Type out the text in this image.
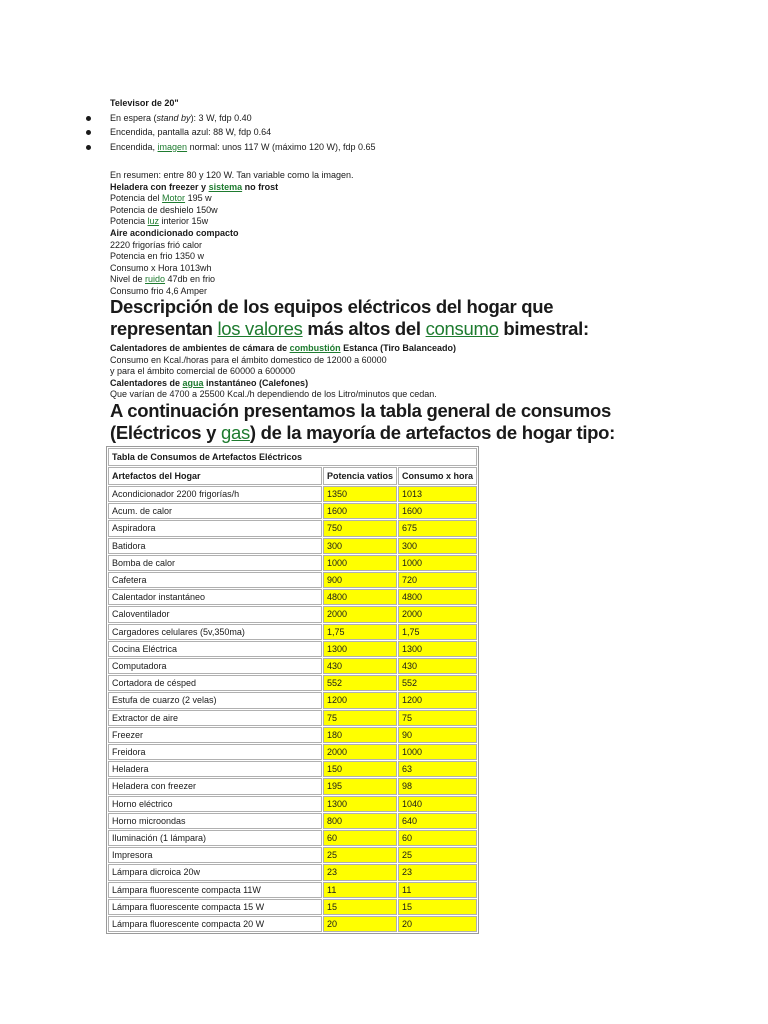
Televisor de 20"
En espera (stand by): 3 W, fdp 0.40
Encendida, pantalla azul: 88 W, fdp 0.64
Encendida, imagen normal: unos 117 W (máximo 120 W), fdp 0.65
En resumen: entre 80 y 120 W. Tan variable como la imagen.
Heladera con freezer y sistema no frost
Potencia del Motor 195 w
Potencia de deshielo 150w
Potencia luz interior 15w
Aire acondicionado compacto
2220 frigorías frió calor
Potencia en frio 1350 w
Consumo x Hora 1013wh
Nivel de ruido 47db en frio
Consumo frio 4,6 Amper
Descripción de los equipos eléctricos del hogar que
representan los valores más altos del consumo bimestral:
Calentadores de ambientes de cámara de combustión Estanca (Tiro Balanceado)
Consumo en Kcal./horas para el ámbito domestico de 12000 a 60000
y para el ámbito comercial de 60000 a 600000
Calentadores de agua instantáneo (Calefones)
Que varían de 4700 a 25500 Kcal./h dependiendo de los Litro/minutos que cedan.
A continuación presentamos la tabla general de consumos
(Eléctricos y gas) de la mayoría de artefactos de hogar tipo:
Tabla de Consumos de Artefactos Eléctricos		
Artefactos del Hogar	Potencia vatios	Consumo x hora
Acondicionador 2200 frigorías/h	1350	1013
Acum. de calor	1600	1600
Aspiradora	750	675
Batidora	300	300
Bomba de calor	1000	1000
Cafetera	900	720
Calentador instantáneo	4800	4800
Caloventilador	2000	2000
Cargadores celulares (5v,350ma)	1,75	1,75
Cocina Eléctrica	1300	1300
Computadora	430	430
Cortadora de césped	552	552
Estufa de cuarzo (2 velas)	1200	1200
Extractor de aire	75	75
Freezer	180	90
Freidora	2000	1000
Heladera	150	63
Heladera con freezer	195	98
Horno eléctrico	1300	1040
Horno microondas	800	640
Iluminación (1 lámpara)	60	60
Impresora	25	25
Lámpara dicroica 20w	23	23
Lámpara fluorescente compacta 11W	11	11
Lámpara fluorescente compacta 15 W	15	15
Lámpara fluorescente compacta 20 W	20	20
